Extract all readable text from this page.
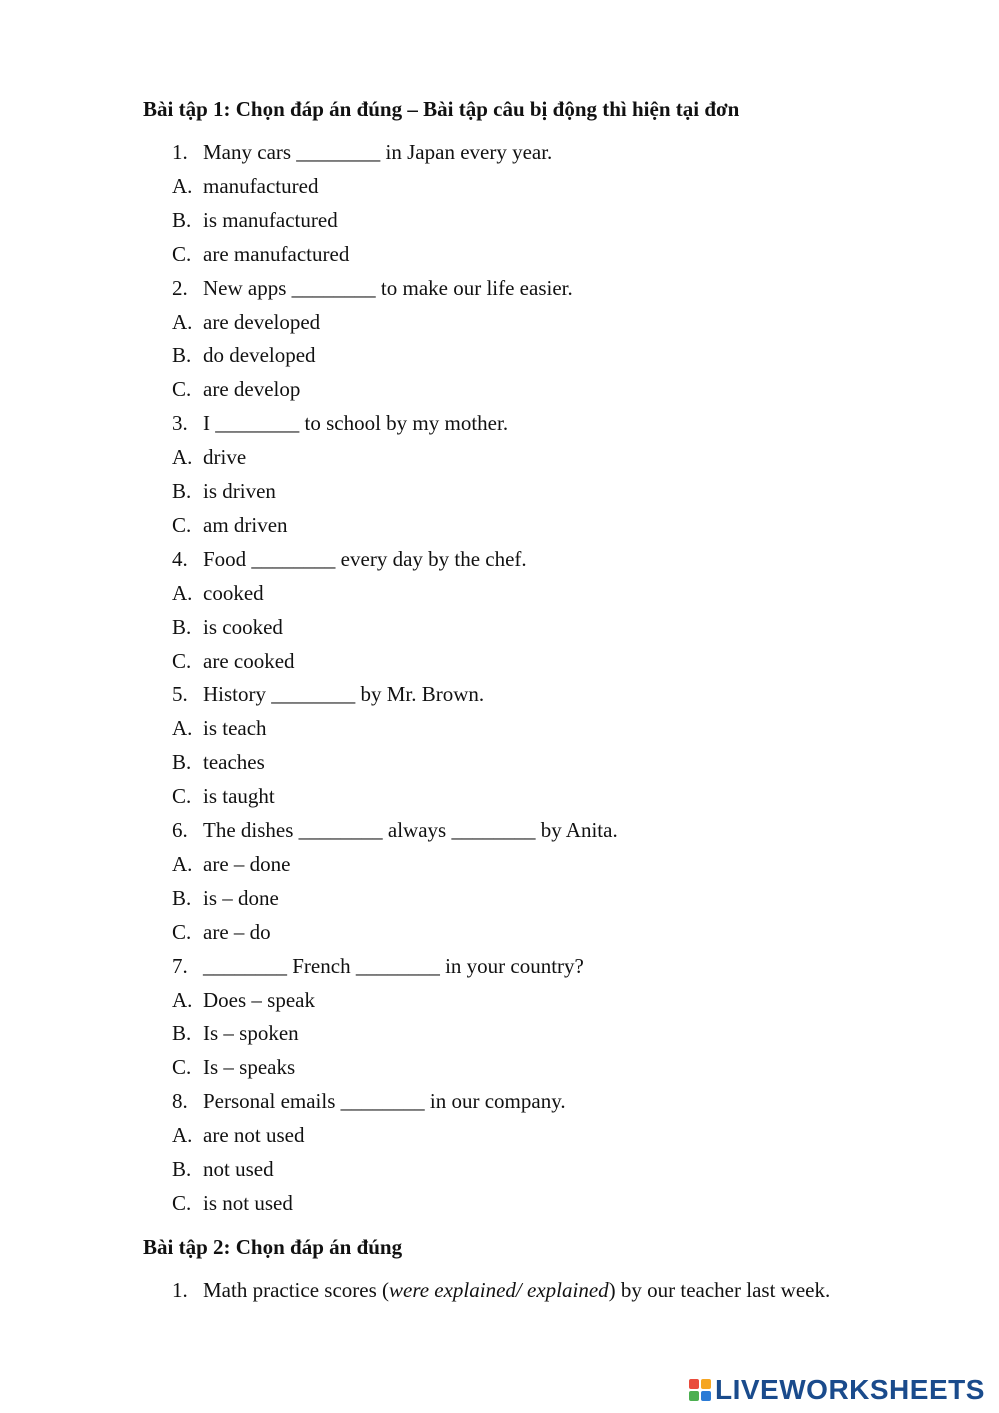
Bài tập 1: Chọn đáp án đúng – Bài tập câu bị động thì hiện tại đơn
1. Many cars ________ in Japan every year.
A. manufactured
B. is manufactured
C. are manufactured
2. New apps ________ to make our life easier.
A. are developed
B. do developed
C. are develop
3. I ________ to school by my mother.
A. drive
B. is driven
C. am driven
4. Food ________ every day by the chef.
A. cooked
B. is cooked
C. are cooked
5. History ________ by Mr. Brown.
A. is teach
B. teaches
C. is taught
6. The dishes ________ always ________ by Anita.
A. are – done
B. is – done
C. are – do
7. ________ French ________ in your country?
A. Does – speak
B. Is – spoken
C. Is – speaks
8. Personal emails ________ in our company.
A. are not used
B. not used
C. is not used
Bài tập 2: Chọn đáp án đúng
1. Math practice scores (were explained/ explained) by our teacher last week.
LIVEWORKSHEETS
